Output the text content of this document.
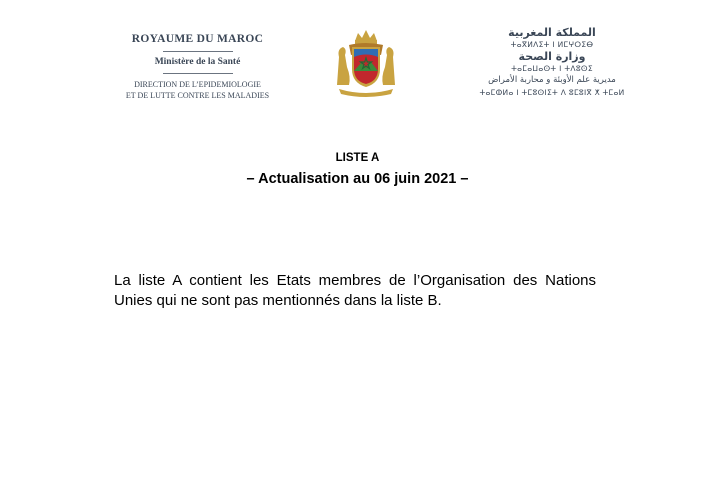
ROYAUME DU MAROC
Ministère de la Santé
DIRECTION DE L’EPIDEMIOLOGIE
ET DE LUTTE CONTRE LES MALADIES
المملكة المغربية
ⵜⴰⴳⵍⴷⵉⵜ ⵏ ⵍⵎⵖⵔⵉⴱ
وزارة الصحة
ⵜⴰⵎⴰⵡⴰⵙⵜ ⵏ ⵜⴷⵓⵙⵉ
مديرية علم الأوبئة و محاربة الأمراض
ⵜⴰⵎⵀⵍⴰ ⵏ ⵜⵎⵓⵙⵏⵉⵜ ⴷ ⵓⵎⵓⵏⴳ ⵅ ⵜⵎⴰⵍ
LISTE A
– Actualisation au 06 juin 2021 –
La liste A contient les Etats membres de l’Organisation des Nations Unies qui ne sont pas mentionnés dans la liste B.
